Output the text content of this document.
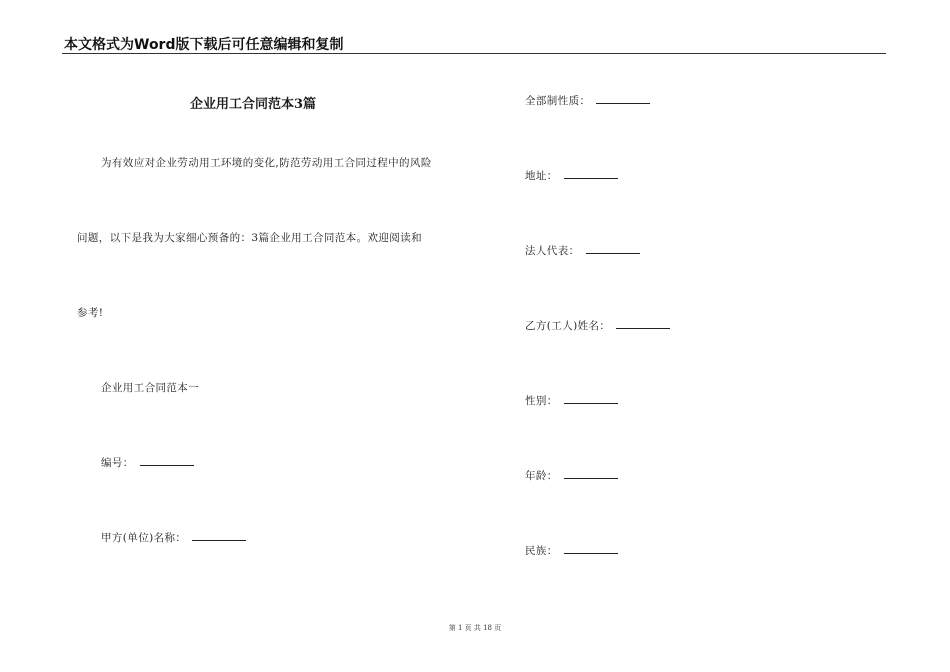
本文格式为Word版下载后可任意编辑和复制
企业用工合同范本3篇
为有效应对企业劳动用工环境的变化,防范劳动用工合同过程中的风险
问题，以下是我为大家细心预备的：3篇企业用工合同范本。欢迎阅读和
参考!
企业用工合同范本一
编号：
甲方(单位)名称：
全部制性质：
地址：
法人代表：
乙方(工人)姓名：
性别：
年龄：
民族：
第 1 页 共 18 页
